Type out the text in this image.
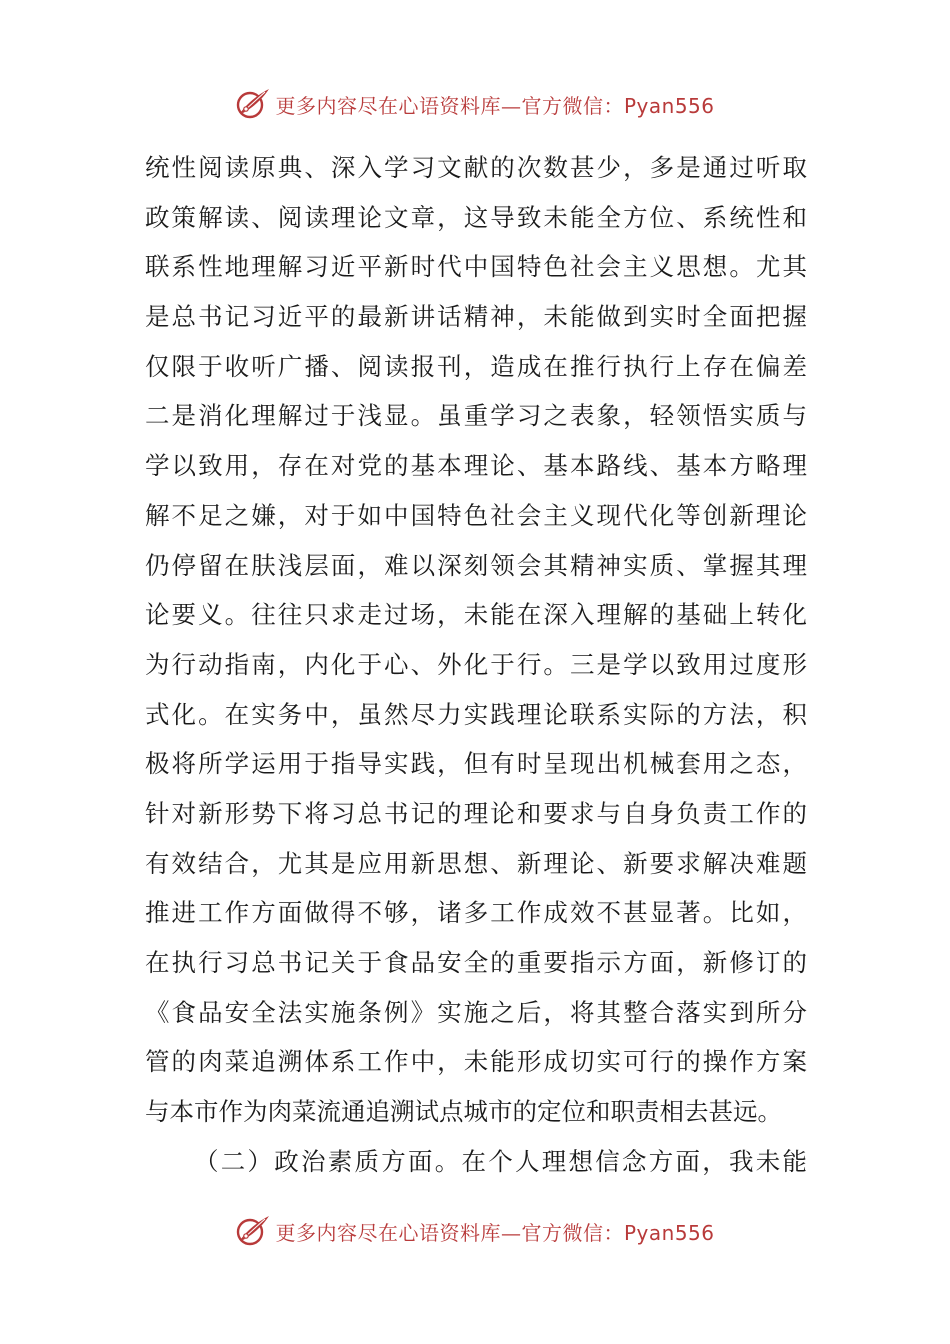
更多内容尽在心语资料库—官方微信：Pyan556
统性阅读原典、深入学习文献的次数甚少，多是通过听取
政策解读、阅读理论文章，这导致未能全方位、系统性和
联系性地理解习近平新时代中国特色社会主义思想。尤其
是总书记习近平的最新讲话精神，未能做到实时全面把握
仅限于收听广播、阅读报刊，造成在推行执行上存在偏差
二是消化理解过于浅显。虽重学习之表象，轻领悟实质与
学以致用，存在对党的基本理论、基本路线、基本方略理
解不足之嫌，对于如中国特色社会主义现代化等创新理论
仍停留在肤浅层面，难以深刻领会其精神实质、掌握其理
论要义。往往只求走过场，未能在深入理解的基础上转化
为行动指南，内化于心、外化于行。三是学以致用过度形
式化。在实务中，虽然尽力实践理论联系实际的方法，积
极将所学运用于指导实践，但有时呈现出机械套用之态，
针对新形势下将习总书记的理论和要求与自身负责工作的
有效结合，尤其是应用新思想、新理论、新要求解决难题
推进工作方面做得不够，诸多工作成效不甚显著。比如，
在执行习总书记关于食品安全的重要指示方面，新修订的
《食品安全法实施条例》实施之后，将其整合落实到所分
管的肉菜追溯体系工作中，未能形成切实可行的操作方案
与本市作为肉菜流通追溯试点城市的定位和职责相去甚远。
（二）政治素质方面。在个人理想信念方面，我未能
更多内容尽在心语资料库—官方微信：Pyan556
